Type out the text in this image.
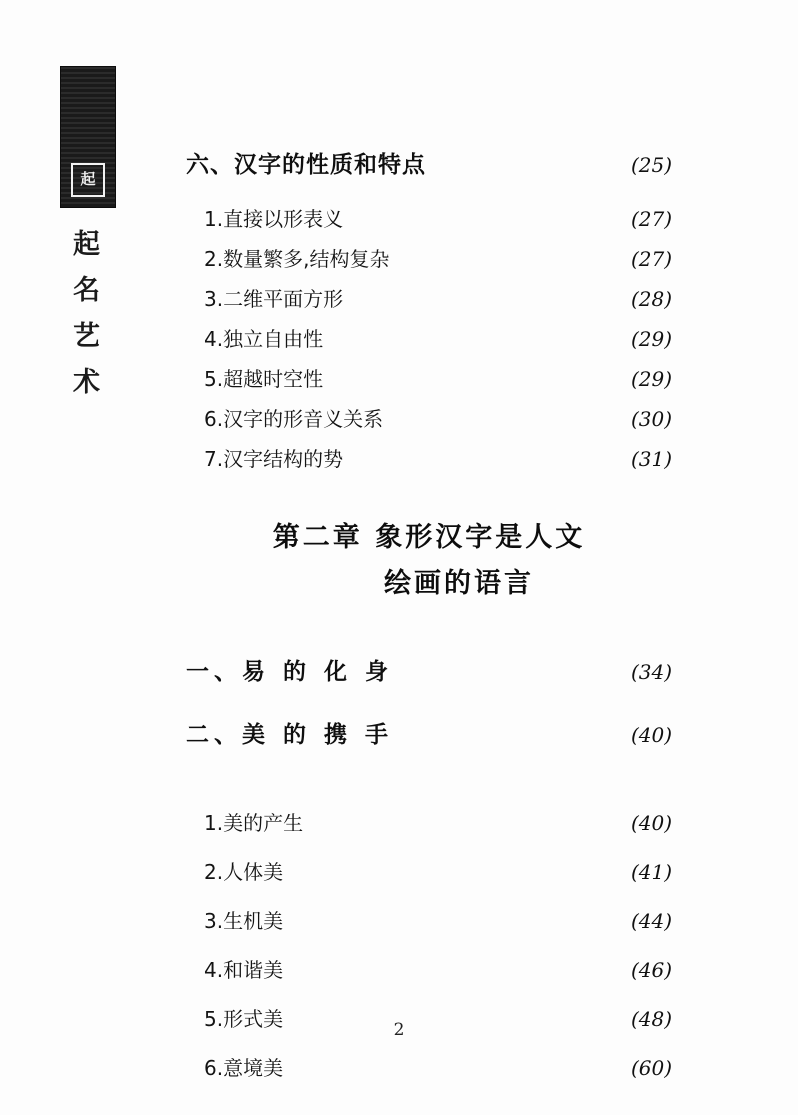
起
起
名
艺
术
六、汉字的性质和特点	(25)
1.直接以形表义	(27)
2.数量繁多,结构复杂	(27)
3.二维平面方形	(28)
4.独立自由性	(29)
5.超越时空性	(29)
6.汉字的形音义关系	(30)
7.汉字结构的势	(31)
第二章 象形汉字是人文
绘画的语言
一、易 的 化 身	(34)
二、美 的 携 手	(40)
1.美的产生	(40)
2.人体美	(41)
3.生机美	(44)
4.和谐美	(46)
5.形式美	(48)
6.意境美	(60)
2
